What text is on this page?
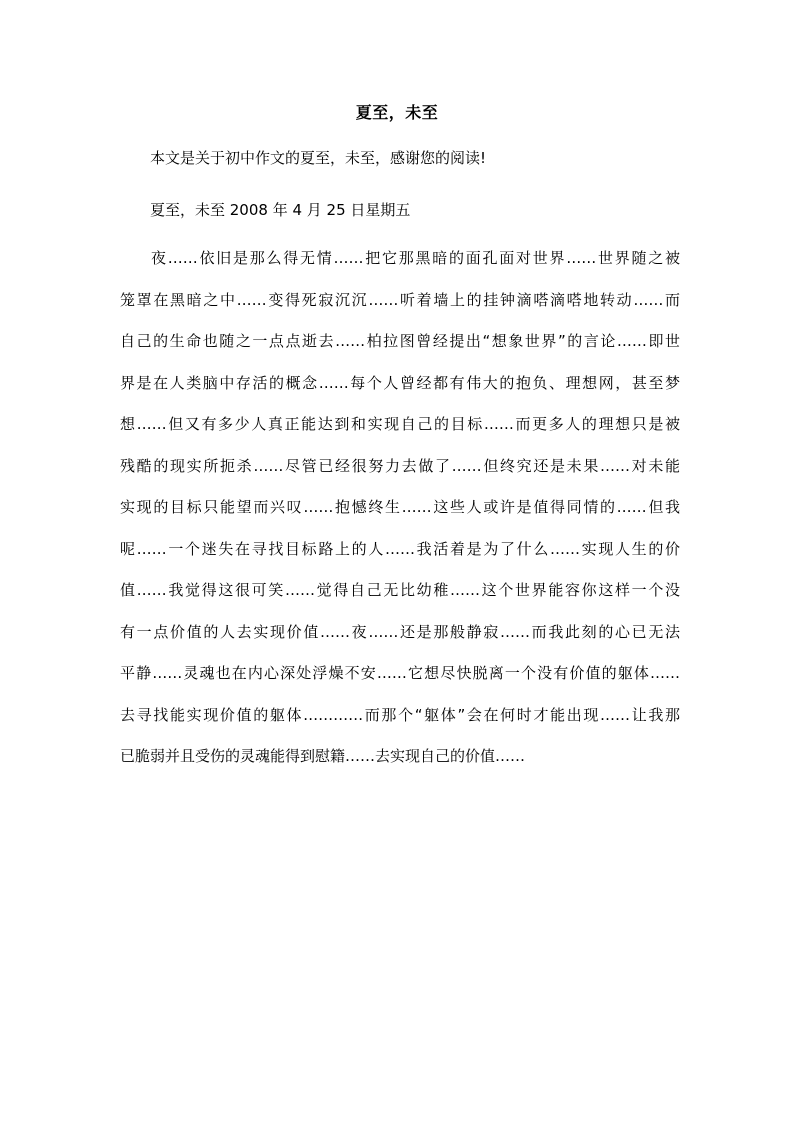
夏至，未至
本文是关于初中作文的夏至，未至，感谢您的阅读!
夏至，未至 2008 年 4 月 25 日星期五
夜……依旧是那么得无情……把它那黑暗的面孔面对世界……世界随之被
笼罩在黑暗之中……变得死寂沉沉……听着墙上的挂钟滴嗒滴嗒地转动……而
自己的生命也随之一点点逝去……柏拉图曾经提出“想象世界”的言论……即世
界是在人类脑中存活的概念……每个人曾经都有伟大的抱负、理想网，甚至梦
想……但又有多少人真正能达到和实现自己的目标……而更多人的理想只是被
残酷的现实所扼杀……尽管已经很努力去做了……但终究还是未果……对未能
实现的目标只能望而兴叹……抱憾终生……这些人或许是值得同情的……但我
呢……一个迷失在寻找目标路上的人……我活着是为了什么……实现人生的价
值……我觉得这很可笑……觉得自己无比幼稚……这个世界能容你这样一个没
有一点价值的人去实现价值……夜……还是那般静寂……而我此刻的心已无法
平静……灵魂也在内心深处浮燥不安……它想尽快脱离一个没有价值的躯体……
去寻找能实现价值的躯体…………而那个“躯体”会在何时才能出现……让我那
已脆弱并且受伤的灵魂能得到慰籍……去实现自己的价值……
